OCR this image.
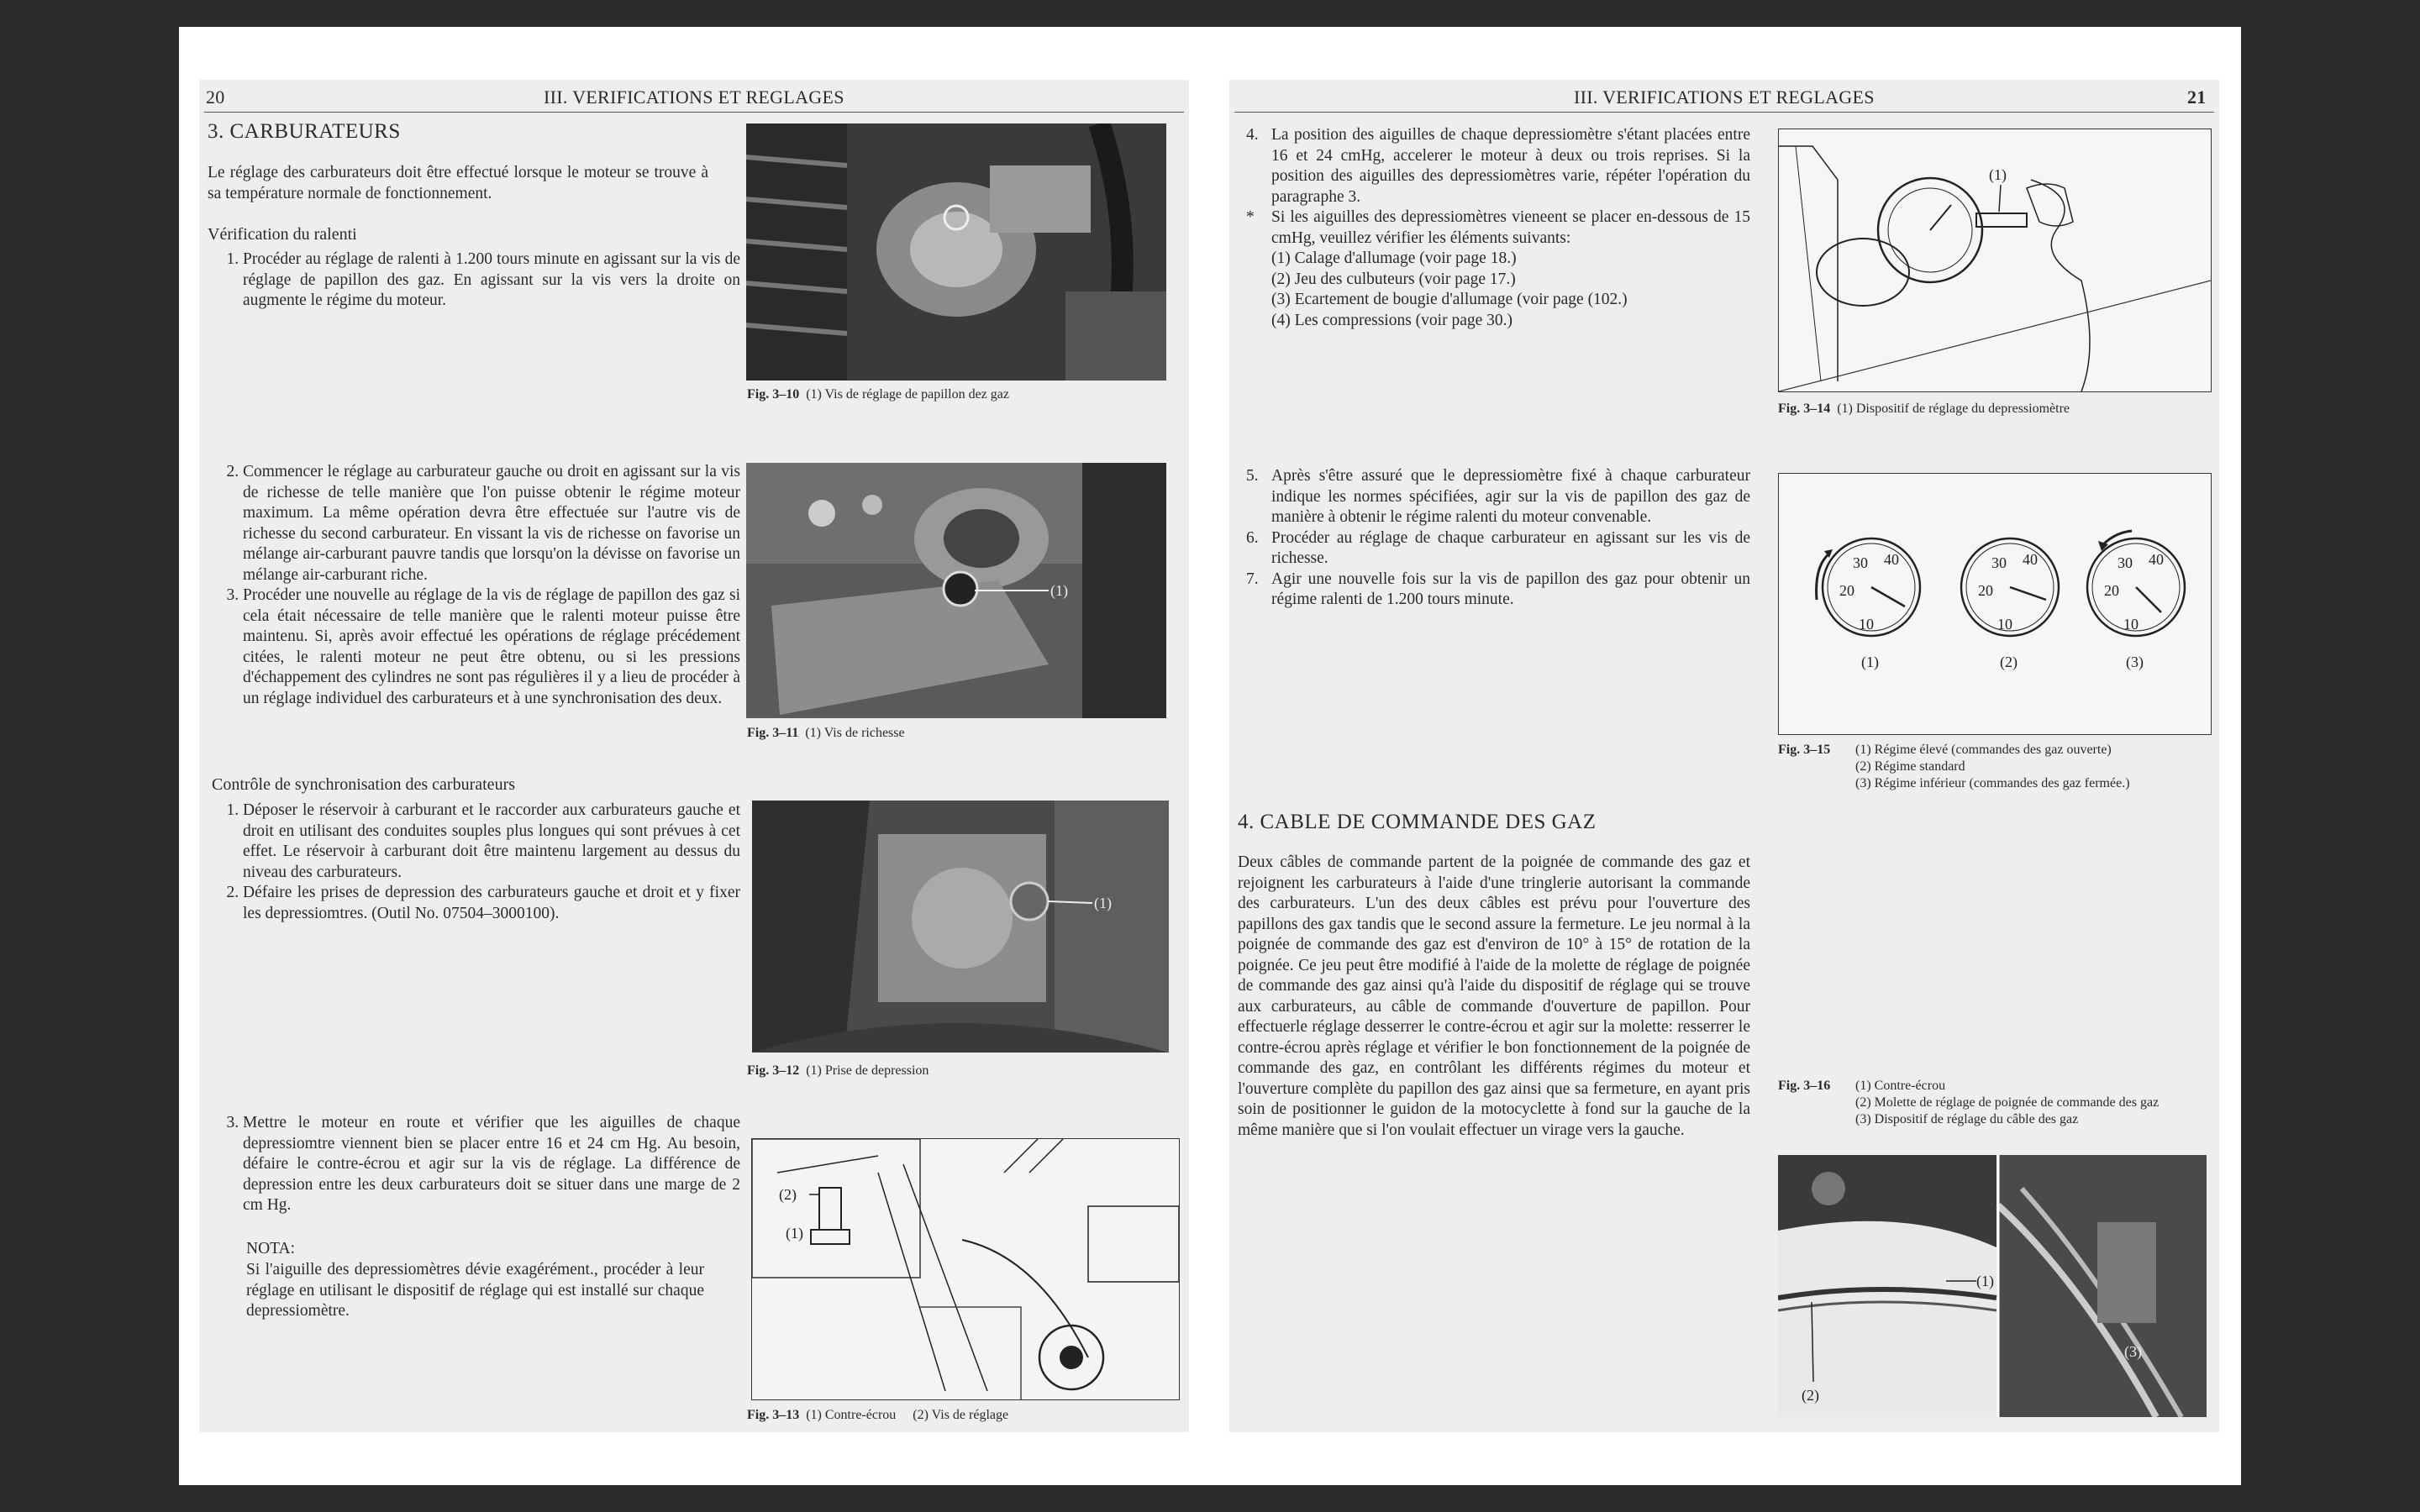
20	III. VERIFICATIONS ET REGLAGES
3. CARBURATEURS

Le réglage des carburateurs doit être effectué lorsque le moteur se trouve à sa température normale de fonctionnement.

Vérification du ralenti
1. Procéder au réglage de ralenti à 1.200 tours minute en agissant sur la vis de réglage de papillon des gaz. En agissant sur la vis vers la droite on augmente le régime du moteur.
2. Commencer le réglage au carburateur gauche ou droit en agissant sur la vis de richesse de telle manière que l'on puisse obtenir le régime moteur maximum. La même opération devra être effectuée sur l'autre vis de richesse du second carburateur. En vissant la vis de richesse on favorise un mélange air-carburant pauvre tandis que lorsqu'on la dévisse on favorise un mélange air-carburant riche.
3. Procéder une nouvelle au réglage de la vis de réglage de papillon des gaz si cela était nécessaire de telle manière que le ralenti moteur puisse être maintenu. Si, après avoir effectué les opérations de réglage précédement citées, le ralenti moteur ne peut être obtenu, ou si les pressions d'échappement des cylindres ne sont pas régulières il y a lieu de procéder à un réglage individuel des carburateurs et à une synchronisation des deux.
Contrôle de synchronisation des carburateurs
1. Déposer le réservoir à carburant et le raccorder aux carburateurs gauche et droit en utilisant des conduites souples plus longues qui sont prévues à cet effet. Le réservoir à carburant doit être maintenu largement au dessus du niveau des carburateurs.
2. Défaire les prises de depression des carburateurs gauche et droit et y fixer les depressiomtres. (Outil No. 07504–3000100).
3. Mettre le moteur en route et vérifier que les aiguilles de chaque depressiomtre viennent bien se placer entre 16 et 24 cm Hg. Au besoin, défaire le contre-écrou et agir sur la vis de réglage. La différence de depression entre les deux carburateurs doit se situer dans une marge de 2 cm Hg.
NOTA:

Si l'aiguille des depressiomètres dévie exagérément., procéder à leur réglage en utilisant le dispositif de réglage qui est installé sur chaque depressiomètre.

Fig. 3–10 (1) Vis de réglage de papillon dez gaz
(1)
Fig. 3–11 (1) Vis de richesse
(1)
Fig. 3–12 (1) Prise de depression
(2)
(1)
Fig. 3–13 (1) Contre-écrou     (2) Vis de réglage
III. VERIFICATIONS ET REGLAGES	21
4. La position des aiguilles de chaque depressiomètre s'étant placées entre 16 et 24 cmHg, accelerer le moteur à deux ou trois reprises. Si la position des aiguilles des depressiomètres varie, répéter l'opération du paragraphe 3.
*	Si les aiguilles des depressiomètres vieneent se placer en-dessous de 15 cmHg, veuillez vérifier les éléments suivants:
(1) Calage d'allumage (voir page 18.)
(2) Jeu des culbuteurs (voir page 17.)
(3) Ecartement de bougie d'allumage (voir page (102.)
(4) Les compressions (voir page 30.)
5. Après s'être assuré que le depressiomètre fixé à chaque carburateur indique les normes spécifiées, agir sur la vis de papillon des gaz de manière à obtenir le régime ralenti du moteur convenable.
6. Procéder au réglage de chaque carburateur en agissant sur les vis de richesse.
7. Agir une nouvelle fois sur la vis de papillon des gaz pour obtenir un régime ralenti de 1.200 tours minute.
4. CABLE DE COMMANDE DES GAZ

Deux câbles de commande partent de la poignée de commande des gaz et rejoignent les carburateurs à l'aide d'une tringlerie autorisant la commande des carburateurs. L'un des deux câbles est prévu pour l'ouverture des papillons des gax tandis que le second assure la fermeture. Le jeu normal à la poignée de commande des gaz est d'environ de 10° à 15° de rotation de la poignée. Ce jeu peut être modifié à l'aide de la molette de réglage de poignée de commande des gaz ainsi qu'à l'aide du dispositif de réglage qui se trouve aux carburateurs, au câble de commande d'ouverture de papillon. Pour effectuerle réglage desserrer le contre-écrou et agir sur la molette: resserrer le contre-écrou après réglage et vérifier le bon fonctionnement de la poignée de commande des gaz, en contrôlant les différents régimes du moteur et l'ouverture complète du papillon des gaz ainsi que sa fermeture, en ayant pris soin de positionner le guidon de la motocyclette à fond sur la gauche de la même manière que si l'on voulait effectuer un virage vers la gauche.

(1)
Fig. 3–14 (1) Dispositif de réglage du depressiomètre
10
20
30 40
(1)
10
20
30 40
(2)
10
20
30 40
(3)
Fig. 3–15	(1) Régime élevé (commandes des gaz ouverte)
(2) Régime standard
(3) Régime inférieur (commandes des gaz fermée.)
Fig. 3–16	(1) Contre-écrou
(2) Molette de réglage de poignée de commande des gaz
(3) Dispositif de réglage du câble des gaz
(1)
(2)
(3)
